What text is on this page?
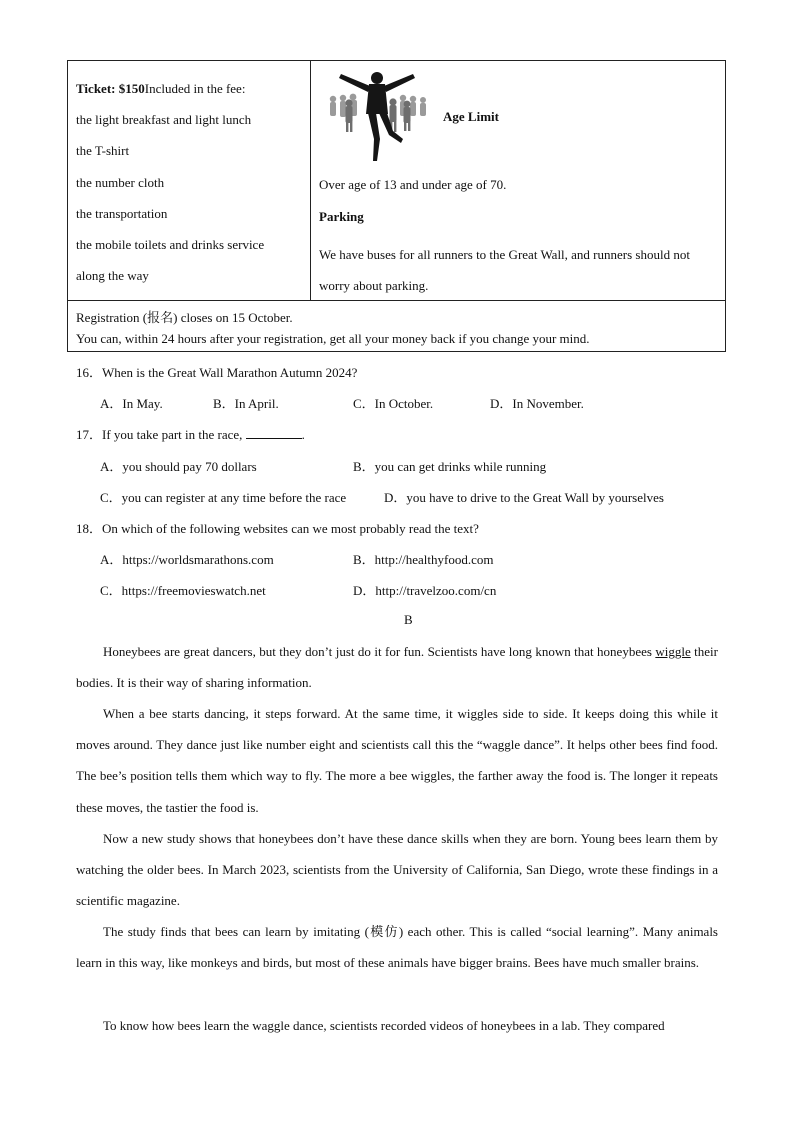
Ticket: $150Included in the fee:
the light breakfast and light lunch
the T-shirt
the number cloth
the transportation
the mobile toilets and drinks service
along the way
Age Limit
Over age of 13 and under age of 70.
Parking
We have buses for all runners to the Great Wall, and runners should not worry about parking.
Registration (报名) closes on 15 October.
You can, within 24 hours after your registration, get all your money back if you change your mind.
16．When is the Great Wall Marathon Autumn 2024?
A．In May.	B．In April.	C．In October.	D．In November.
17．If you take part in the race,	.
A．you should pay 70 dollars	B．you can get drinks while running
C．you can register at any time before the race	D．you have to drive to the Great Wall by yourselves
18．On which of the following websites can we most probably read the text?
A．https://worldsmarathons.com	B．http://healthyfood.com
C．https://freemovieswatch.net	D．http://travelzoo.com/cn
B
Honeybees are great dancers, but they don’t just do it for fun. Scientists have long known that honeybees wiggle their bodies. It is their way of sharing information.
When a bee starts dancing, it steps forward. At the same time, it wiggles side to side. It keeps doing this while it moves around. They dance just like number eight and scientists call this the “waggle dance”. It helps other bees find food. The bee’s position tells them which way to fly. The more a bee wiggles, the farther away the food is. The longer it repeats these moves, the tastier the food is.
Now a new study shows that honeybees don’t have these dance skills when they are born. Young bees learn them by watching the older bees. In March 2023, scientists from the University of California, San Diego, wrote these findings in a scientific magazine.
The study finds that bees can learn by imitating (模仿) each other. This is called “social learning”. Many animals learn in this way, like monkeys and birds, but most of these animals have bigger brains. Bees have much smaller brains.
To know how bees learn the waggle dance, scientists recorded videos of honeybees in a lab. They compared
